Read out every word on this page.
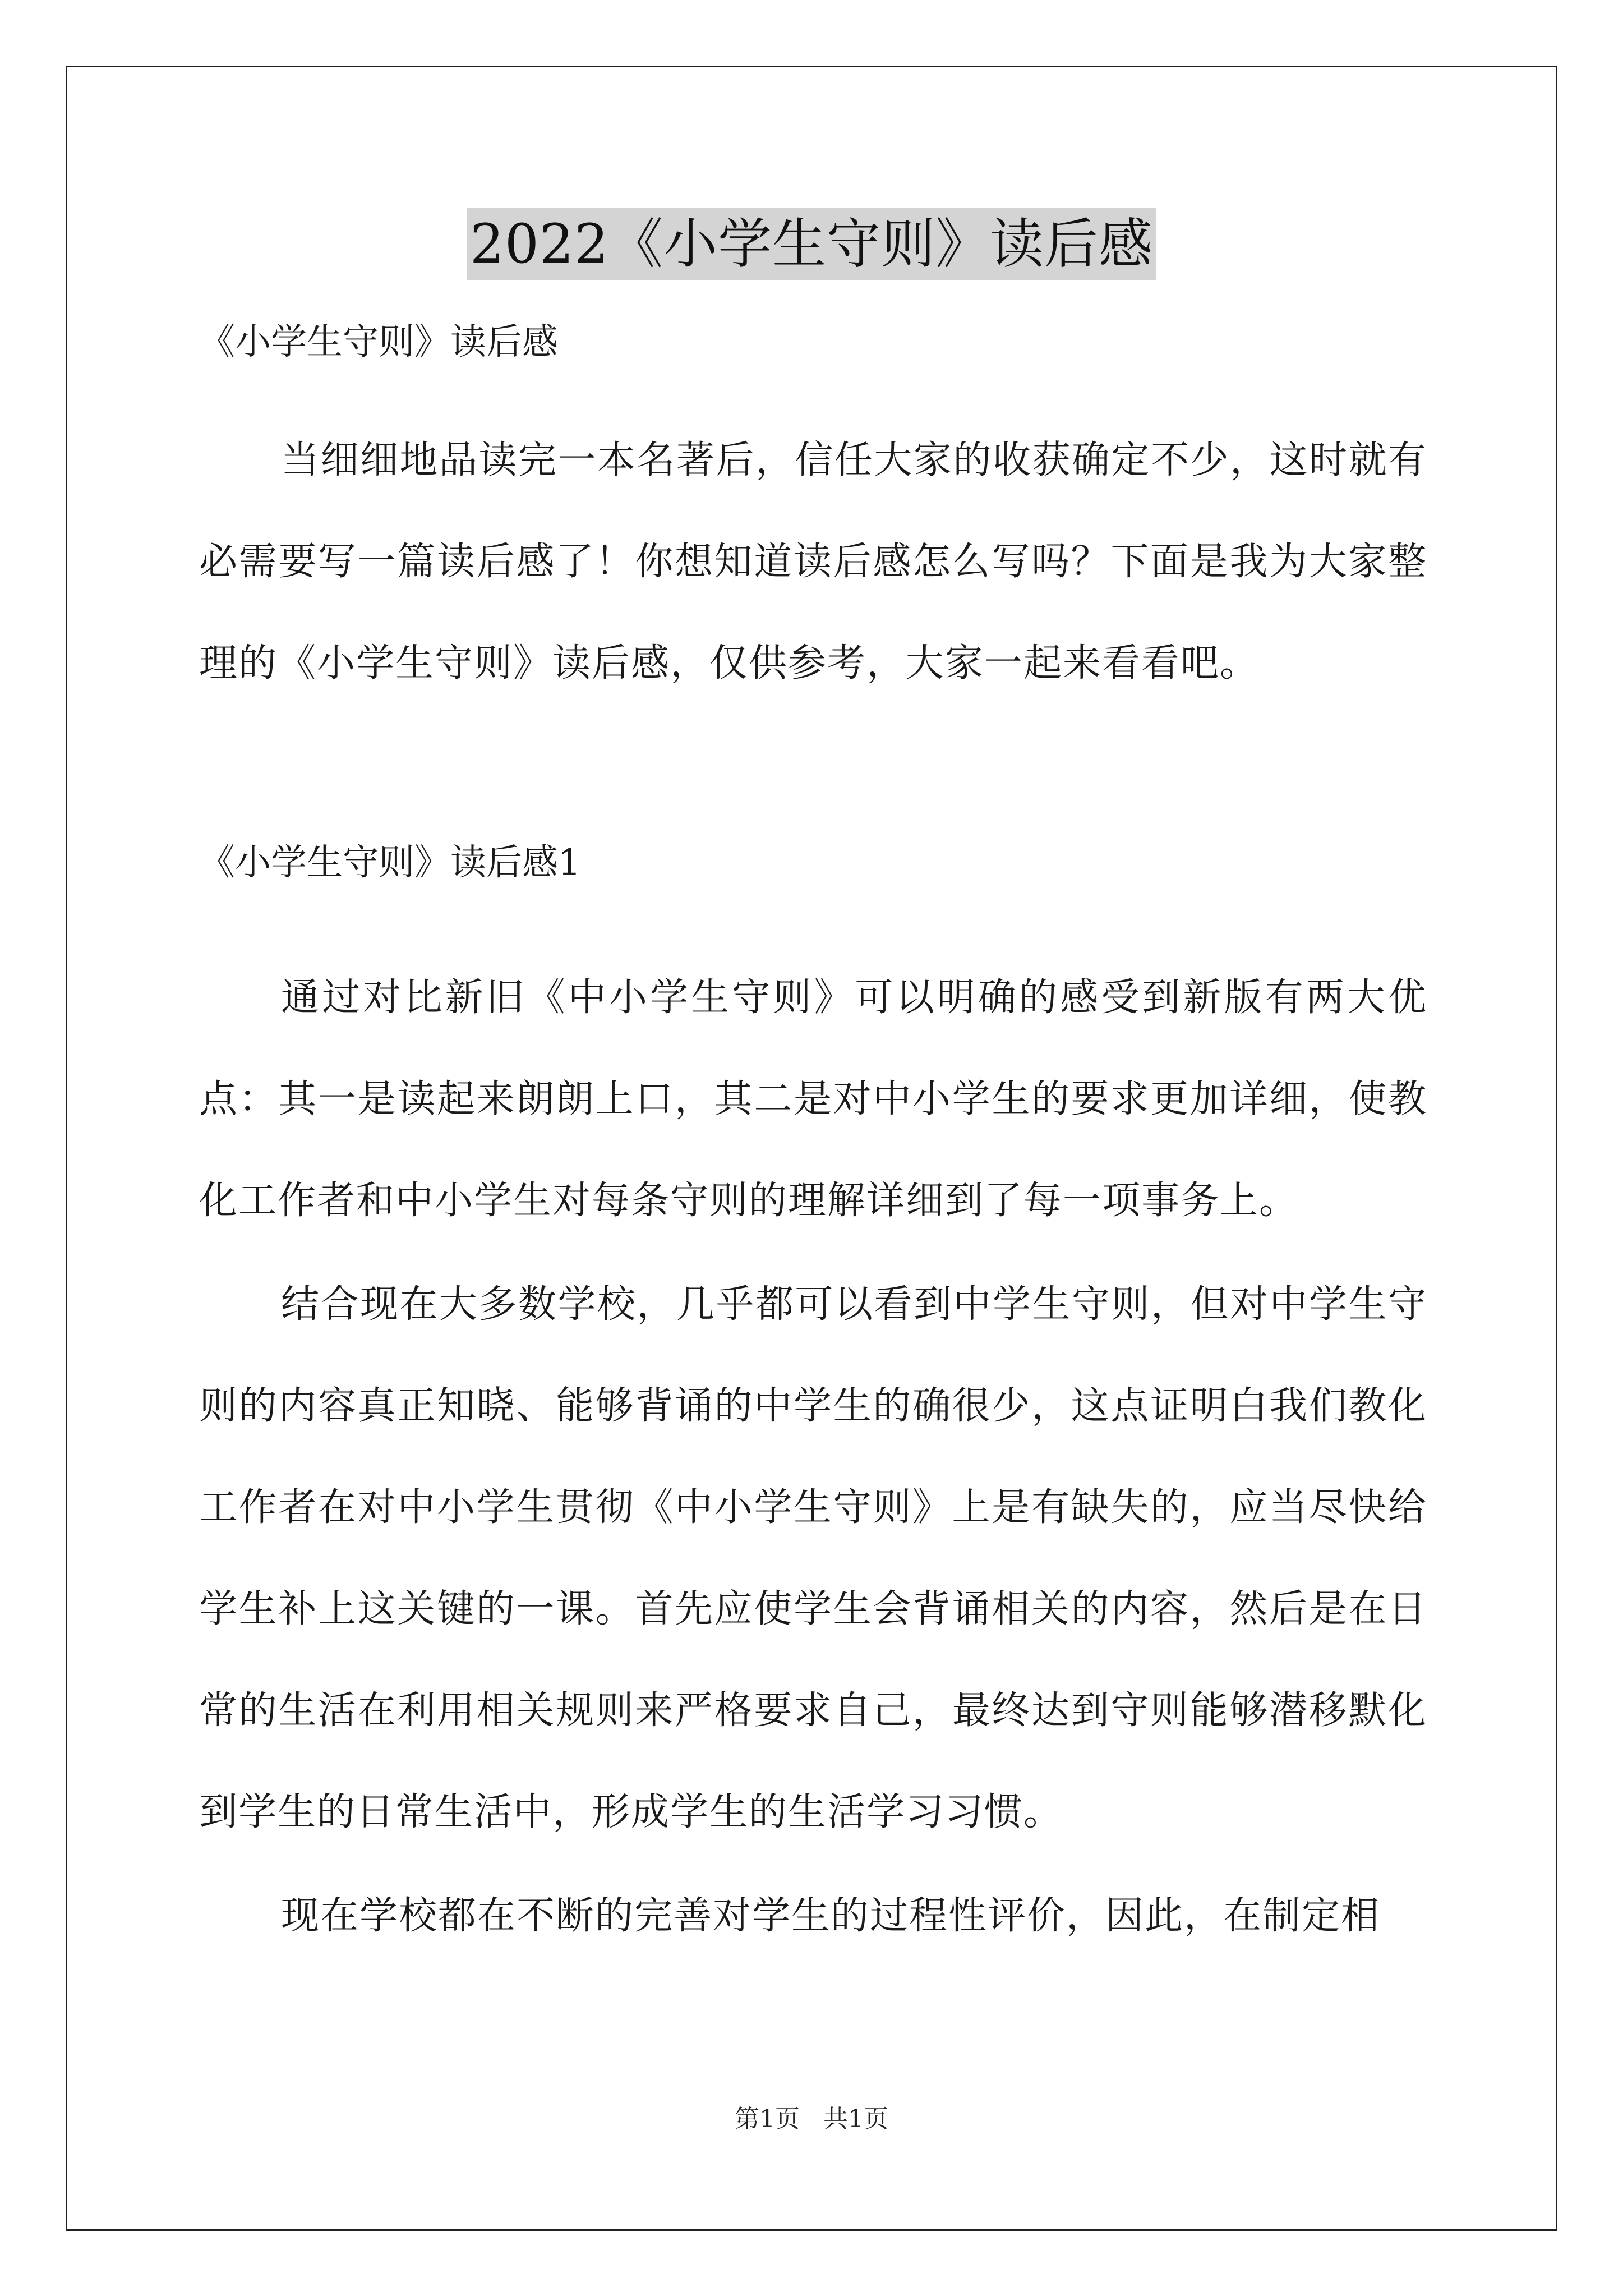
2022《小学生守则》读后感
《小学生守则》读后感

当细细地品读完一本名著后，信任大家的收获确定不少，这时就有必需要写一篇读后感了！你想知道读后感怎么写吗？下面是我为大家整理的《小学生守则》读后感，仅供参考，大家一起来看看吧。

《小学生守则》读后感1

通过对比新旧《中小学生守则》可以明确的感受到新版有两大优点：其一是读起来朗朗上口，其二是对中小学生的要求更加详细，使教化工作者和中小学生对每条守则的理解详细到了每一项事务上。

结合现在大多数学校，几乎都可以看到中学生守则，但对中学生守则的内容真正知晓、能够背诵的中学生的确很少，这点证明白我们教化工作者在对中小学生贯彻《中小学生守则》上是有缺失的，应当尽快给学生补上这关键的一课。首先应使学生会背诵相关的内容，然后是在日常的生活在利用相关规则来严格要求自己，最终达到守则能够潜移默化到学生的日常生活中，形成学生的生活学习习惯。

现在学校都在不断的完善对学生的过程性评价，因此，在制定相

第1页 共1页
